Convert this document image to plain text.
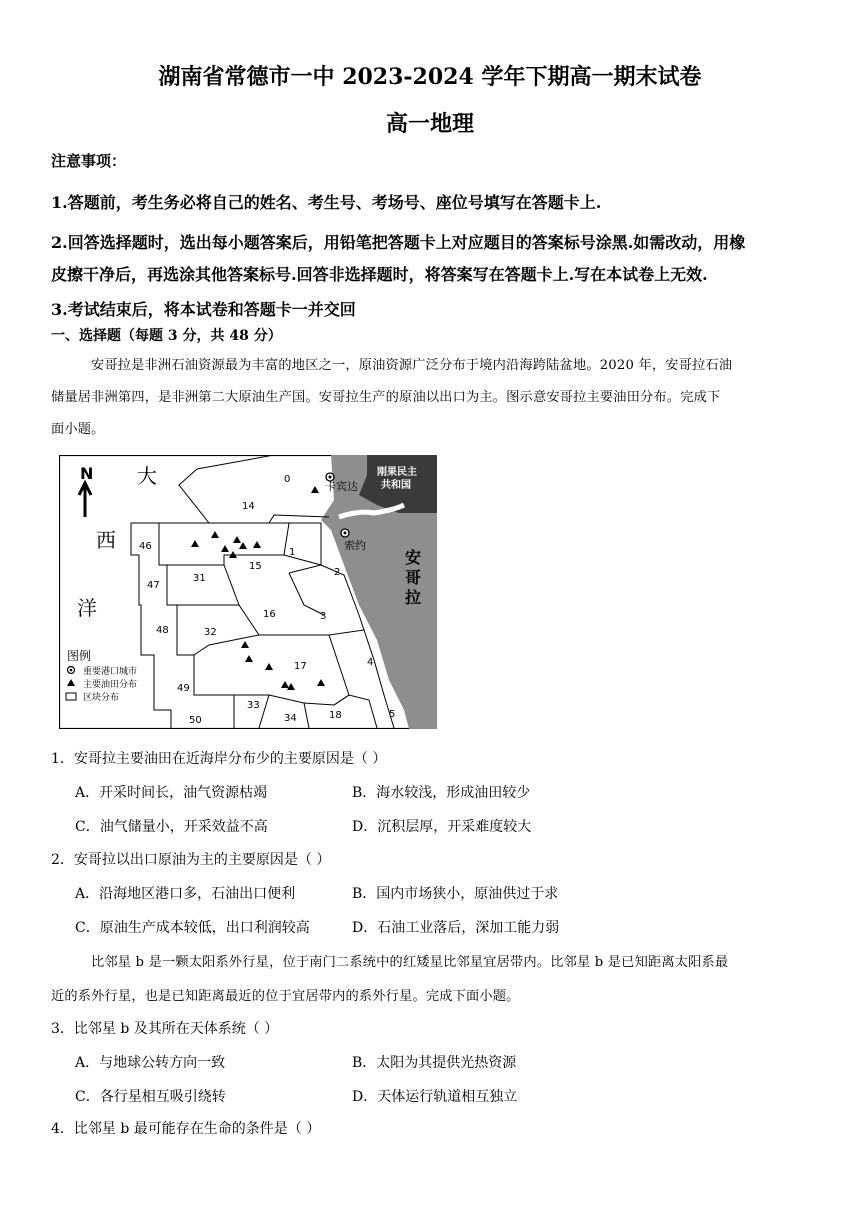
湖南省常德市一中 2023-2024 学年下期高一期末试卷
高一地理
注意事项：
1.答题前，考生务必将自己的姓名、考生号、考场号、座位号填写在答题卡上.
2.回答选择题时，选出每小题答案后，用铅笔把答题卡上对应题目的答案标号涂黑.如需改动，用橡
皮擦干净后，再选涂其他答案标号.回答非选择题时，将答案写在答题卡上.写在本试卷上无效.
3.考试结束后，将本试卷和答题卡一并交回
一、选择题（每题 3 分，共 48 分）
安哥拉是非洲石油资源最为丰富的地区之一，原油资源广泛分布于境内沿海跨陆盆地。2020 年，安哥拉石油
储量居非洲第四，是非洲第二大原油生产国。安哥拉生产的原油以出口为主。图示意安哥拉主要油田分布。完成下
面小题。
N 大
西
洋
安
哥
拉
刚果民主
共和国
卡宾达
索约
0
14
46
31
15
1
2
47
16	3
48	32
17	4
49
33
34	18	5
50
图例
重要港口城市
主要油田分布
区块分布
1．安哥拉主要油田在近海岸分布少的主要原因是（ ）
A．开采时间长，油气资源枯竭	B．海水较浅，形成油田较少
C．油气储量小，开采效益不高	D．沉积层厚，开采难度较大
2．安哥拉以出口原油为主的主要原因是（ ）
A．沿海地区港口多，石油出口便利	B．国内市场狭小，原油供过于求
C．原油生产成本较低，出口利润较高	D．石油工业落后，深加工能力弱
比邻星 b 是一颗太阳系外行星，位于南门二系统中的红矮星比邻星宜居带内。比邻星 b 是已知距离太阳系最
近的系外行星，也是已知距离最近的位于宜居带内的系外行星。完成下面小题。
3．比邻星 b 及其所在天体系统（ ）
A．与地球公转方向一致	B．太阳为其提供光热资源
C．各行星相互吸引绕转	D．天体运行轨道相互独立
4．比邻星 b 最可能存在生命的条件是（ ）
